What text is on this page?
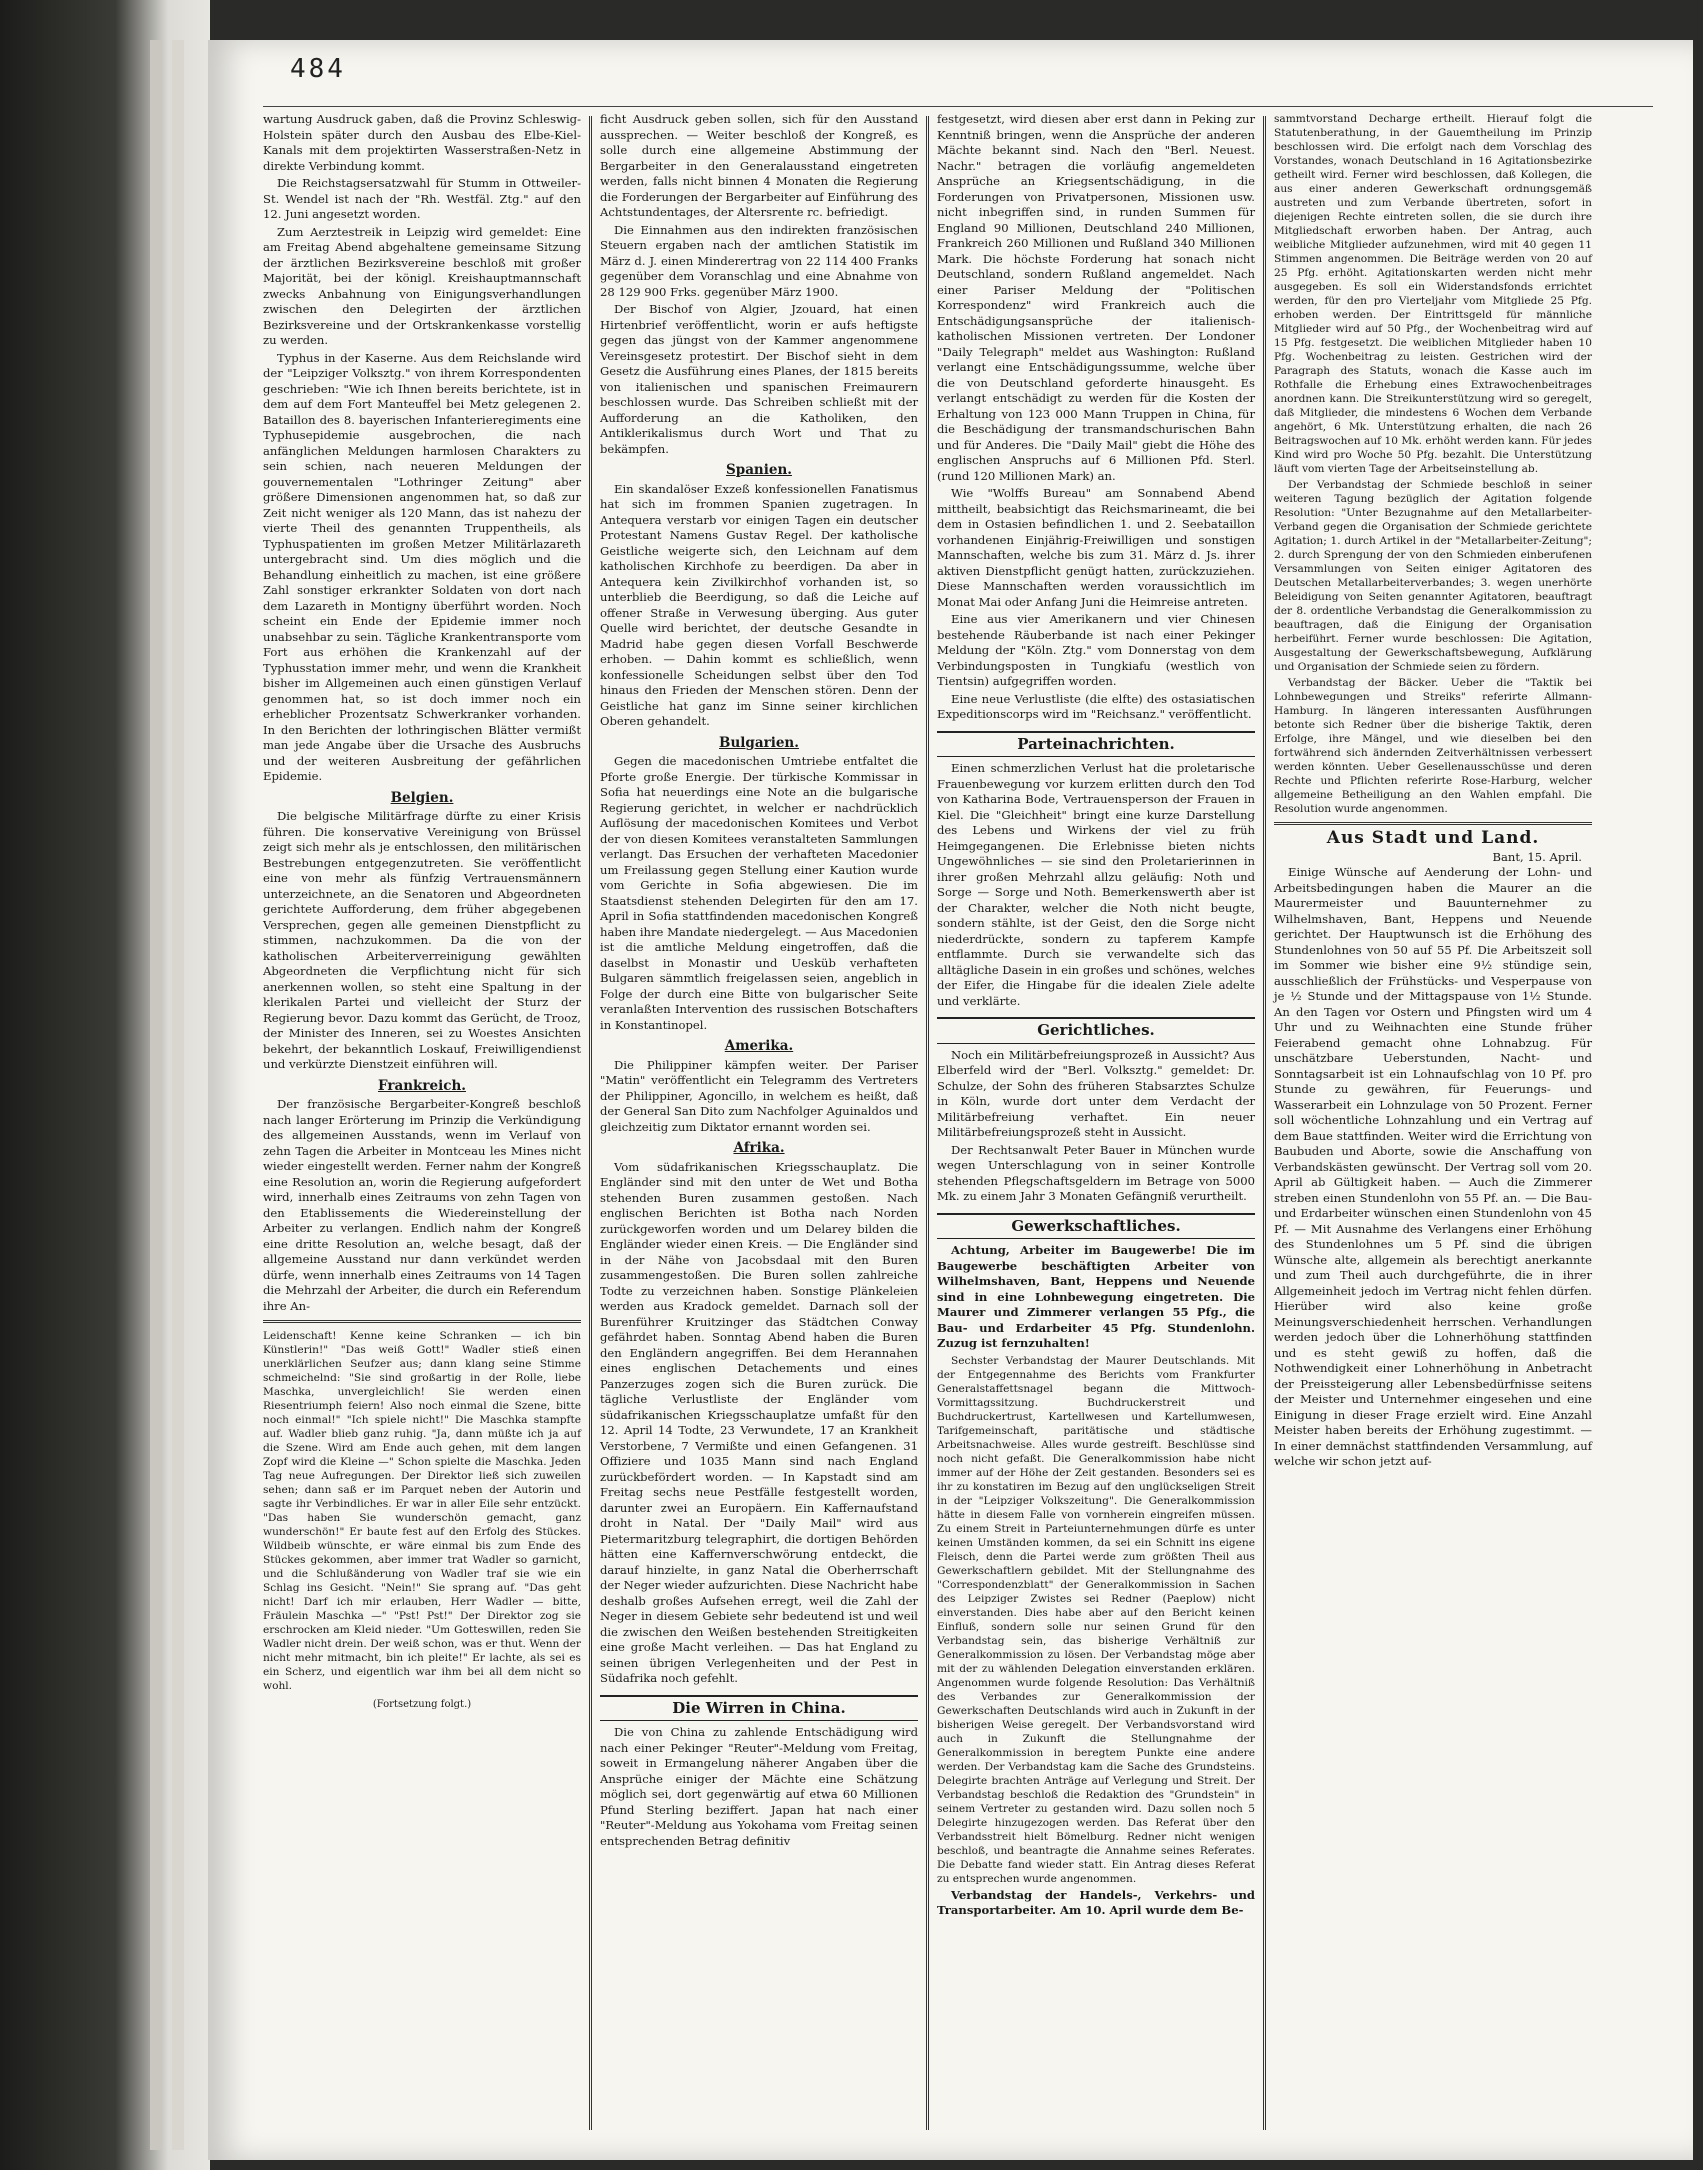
484

wartung Ausdruck gaben, daß die Provinz Schleswig-Holstein später durch den Ausbau des Elbe-Kiel-Kanals mit dem projektirten Wasserstraßen-Netz in direkte Verbindung kommt.

Die Reichstagsersatzwahl für Stumm in Ottweiler-St. Wendel ist nach der "Rh. Westfäl. Ztg." auf den 12. Juni angesetzt worden.

Zum Aerztestreik in Leipzig wird gemeldet: Eine am Freitag Abend abgehaltene gemeinsame Sitzung der ärztlichen Bezirksvereine beschloß mit großer Majorität, bei der königl. Kreishauptmannschaft zwecks Anbahnung von Einigungsverhandlungen zwischen den Delegirten der ärztlichen Bezirksvereine und der Ortskrankenkasse vorstellig zu werden.

Typhus in der Kaserne. Aus dem Reichslande wird der "Leipziger Volksztg." von ihrem Korrespondenten geschrieben: "Wie ich Ihnen bereits berichtete, ist in dem auf dem Fort Manteuffel bei Metz gelegenen 2. Bataillon des 8. bayerischen Infanterieregiments eine Typhusepidemie ausgebrochen, die nach anfänglichen Meldungen harmlosen Charakters zu sein schien, nach neueren Meldungen der gouvernementalen "Lothringer Zeitung" aber größere Dimensionen angenommen hat, so daß zur Zeit nicht weniger als 120 Mann, das ist nahezu der vierte Theil des genannten Truppentheils, als Typhuspatienten im großen Metzer Militärlazareth untergebracht sind. Um dies möglich und die Behandlung einheitlich zu machen, ist eine größere Zahl sonstiger erkrankter Soldaten von dort nach dem Lazareth in Montigny überführt worden. Noch scheint ein Ende der Epidemie immer noch unabsehbar zu sein. Tägliche Krankentransporte vom Fort aus erhöhen die Krankenzahl auf der Typhusstation immer mehr, und wenn die Krankheit bisher im Allgemeinen auch einen günstigen Verlauf genommen hat, so ist doch immer noch ein erheblicher Prozentsatz Schwerkranker vorhanden. In den Berichten der lothringischen Blätter vermißt man jede Angabe über die Ursache des Ausbruchs und der weiteren Ausbreitung der gefährlichen Epidemie.

Belgien.

Die belgische Militärfrage dürfte zu einer Krisis führen. Die konservative Vereinigung von Brüssel zeigt sich mehr als je entschlossen, den militärischen Bestrebungen entgegenzutreten. Sie veröffentlicht eine von mehr als fünfzig Vertrauensmännern unterzeichnete, an die Senatoren und Abgeordneten gerichtete Aufforderung, dem früher abgegebenen Versprechen, gegen alle gemeinen Dienstpflicht zu stimmen, nachzukommen. Da die von der katholischen Arbeiterverreinigung gewählten Abgeordneten die Verpflichtung nicht für sich anerkennen wollen, so steht eine Spaltung in der klerikalen Partei und vielleicht der Sturz der Regierung bevor. Dazu kommt das Gerücht, de Trooz, der Minister des Inneren, sei zu Woestes Ansichten bekehrt, der bekanntlich Loskauf, Freiwilligendienst und verkürzte Dienstzeit einführen will.

Frankreich.

Der französische Bergarbeiter-Kongreß beschloß nach langer Erörterung im Prinzip die Verkündigung des allgemeinen Ausstands, wenn im Verlauf von zehn Tagen die Arbeiter in Montceau les Mines nicht wieder eingestellt werden. Ferner nahm der Kongreß eine Resolution an, worin die Regierung aufgefordert wird, innerhalb eines Zeitraums von zehn Tagen von den Etablissements die Wiedereinstellung der Arbeiter zu verlangen. Endlich nahm der Kongreß eine dritte Resolution an, welche besagt, daß der allgemeine Ausstand nur dann verkündet werden dürfe, wenn innerhalb eines Zeitraums von 14 Tagen die Mehrzahl der Arbeiter, die durch ein Referendum ihre An-

Leidenschaft! Kenne keine Schranken — ich bin Künstlerin!" "Das weiß Gott!" Wadler stieß einen unerklärlichen Seufzer aus; dann klang seine Stimme schmeichelnd: "Sie sind großartig in der Rolle, liebe Maschka, unvergleichlich! Sie werden einen Riesentriumph feiern! Also noch einmal die Szene, bitte noch einmal!" "Ich spiele nicht!" Die Maschka stampfte auf. Wadler blieb ganz ruhig. "Ja, dann müßte ich ja auf die Szene. Wird am Ende auch gehen, mit dem langen Zopf wird die Kleine —" Schon spielte die Maschka. Jeden Tag neue Aufregungen. Der Direktor ließ sich zuweilen sehen; dann saß er im Parquet neben der Autorin und sagte ihr Verbindliches. Er war in aller Eile sehr entzückt. "Das haben Sie wunderschön gemacht, ganz wunderschön!" Er baute fest auf den Erfolg des Stückes. Wildbeib wünschte, er wäre einmal bis zum Ende des Stückes gekommen, aber immer trat Wadler so garnicht, und die Schlußänderung von Wadler traf sie wie ein Schlag ins Gesicht. "Nein!" Sie sprang auf. "Das geht nicht! Darf ich mir erlauben, Herr Wadler — bitte, Fräulein Maschka —" "Pst! Pst!" Der Direktor zog sie erschrocken am Kleid nieder. "Um Gotteswillen, reden Sie Wadler nicht drein. Der weiß schon, was er thut. Wenn der nicht mehr mitmacht, bin ich pleite!" Er lachte, als sei es ein Scherz, und eigentlich war ihm bei all dem nicht so wohl.

(Fortsetzung folgt.)

ficht Ausdruck geben sollen, sich für den Ausstand aussprechen. — Weiter beschloß der Kongreß, es solle durch eine allgemeine Abstimmung der Bergarbeiter in den Generalausstand eingetreten werden, falls nicht binnen 4 Monaten die Regierung die Forderungen der Bergarbeiter auf Einführung des Achtstundentages, der Altersrente rc. befriedigt.

Die Einnahmen aus den indirekten französischen Steuern ergaben nach der amtlichen Statistik im März d. J. einen Minderertrag von 22 114 400 Franks gegenüber dem Voranschlag und eine Abnahme von 28 129 900 Frks. gegenüber März 1900.

Der Bischof von Algier, Jzouard, hat einen Hirtenbrief veröffentlicht, worin er aufs heftigste gegen das jüngst von der Kammer angenommene Vereinsgesetz protestirt. Der Bischof sieht in dem Gesetz die Ausführung eines Planes, der 1815 bereits von italienischen und spanischen Freimaurern beschlossen wurde. Das Schreiben schließt mit der Aufforderung an die Katholiken, den Antiklerikalismus durch Wort und That zu bekämpfen.

Spanien.

Ein skandalöser Exzeß konfessionellen Fanatismus hat sich im frommen Spanien zugetragen. In Antequera verstarb vor einigen Tagen ein deutscher Protestant Namens Gustav Regel. Der katholische Geistliche weigerte sich, den Leichnam auf dem katholischen Kirchhofe zu beerdigen. Da aber in Antequera kein Zivilkirchhof vorhanden ist, so unterblieb die Beerdigung, so daß die Leiche auf offener Straße in Verwesung überging. Aus guter Quelle wird berichtet, der deutsche Gesandte in Madrid habe gegen diesen Vorfall Beschwerde erhoben. — Dahin kommt es schließlich, wenn konfessionelle Scheidungen selbst über den Tod hinaus den Frieden der Menschen stören. Denn der Geistliche hat ganz im Sinne seiner kirchlichen Oberen gehandelt.

Bulgarien.

Gegen die macedonischen Umtriebe entfaltet die Pforte große Energie. Der türkische Kommissar in Sofia hat neuerdings eine Note an die bulgarische Regierung gerichtet, in welcher er nachdrücklich Auflösung der macedonischen Komitees und Verbot der von diesen Komitees veranstalteten Sammlungen verlangt. Das Ersuchen der verhafteten Macedonier um Freilassung gegen Stellung einer Kaution wurde vom Gerichte in Sofia abgewiesen. Die im Staatsdienst stehenden Delegirten für den am 17. April in Sofia stattfindenden macedonischen Kongreß haben ihre Mandate niedergelegt. — Aus Macedonien ist die amtliche Meldung eingetroffen, daß die daselbst in Monastir und Uesküb verhafteten Bulgaren sämmtlich freigelassen seien, angeblich in Folge der durch eine Bitte von bulgarischer Seite veranlaßten Intervention des russischen Botschafters in Konstantinopel.

Amerika.

Die Philippiner kämpfen weiter. Der Pariser "Matin" veröffentlicht ein Telegramm des Vertreters der Philippiner, Agoncillo, in welchem es heißt, daß der General San Dito zum Nachfolger Aguinaldos und gleichzeitig zum Diktator ernannt worden sei.

Afrika.

Vom südafrikanischen Kriegsschauplatz. Die Engländer sind mit den unter de Wet und Botha stehenden Buren zusammen gestoßen. Nach englischen Berichten ist Botha nach Norden zurückgeworfen worden und um Delarey bilden die Engländer wieder einen Kreis. — Die Engländer sind in der Nähe von Jacobsdaal mit den Buren zusammengestoßen. Die Buren sollen zahlreiche Todte zu verzeichnen haben. Sonstige Plänkeleien werden aus Kradock gemeldet. Darnach soll der Burenführer Kruitzinger das Städtchen Conway gefährdet haben. Sonntag Abend haben die Buren den Engländern angegriffen. Bei dem Herannahen eines englischen Detachements und eines Panzerzuges zogen sich die Buren zurück. Die tägliche Verlustliste der Engländer vom südafrikanischen Kriegsschauplatze umfaßt für den 12. April 14 Todte, 23 Verwundete, 17 an Krankheit Verstorbene, 7 Vermißte und einen Gefangenen. 31 Offiziere und 1035 Mann sind nach England zurückbefördert worden. — In Kapstadt sind am Freitag sechs neue Pestfälle festgestellt worden, darunter zwei an Europäern. Ein Kaffernaufstand droht in Natal. Der "Daily Mail" wird aus Pietermaritzburg telegraphirt, die dortigen Behörden hätten eine Kaffernverschwörung entdeckt, die darauf hinzielte, in ganz Natal die Oberherrschaft der Neger wieder aufzurichten. Diese Nachricht habe deshalb großes Aufsehen erregt, weil die Zahl der Neger in diesem Gebiete sehr bedeutend ist und weil die zwischen den Weißen bestehenden Streitigkeiten eine große Macht verleihen. — Das hat England zu seinen übrigen Verlegenheiten und der Pest in Südafrika noch gefehlt.

Die Wirren in China.

Die von China zu zahlende Entschädigung wird nach einer Pekinger "Reuter"-Meldung vom Freitag, soweit in Ermangelung näherer Angaben über die Ansprüche einiger der Mächte eine Schätzung möglich sei, dort gegenwärtig auf etwa 60 Millionen Pfund Sterling beziffert. Japan hat nach einer "Reuter"-Meldung aus Yokohama vom Freitag seinen entsprechenden Betrag definitiv

festgesetzt, wird diesen aber erst dann in Peking zur Kenntniß bringen, wenn die Ansprüche der anderen Mächte bekannt sind. Nach den "Berl. Neuest. Nachr." betragen die vorläufig angemeldeten Ansprüche an Kriegsentschädigung, in die Forderungen von Privatpersonen, Missionen usw. nicht inbegriffen sind, in runden Summen für England 90 Millionen, Deutschland 240 Millionen, Frankreich 260 Millionen und Rußland 340 Millionen Mark. Die höchste Forderung hat sonach nicht Deutschland, sondern Rußland angemeldet. Nach einer Pariser Meldung der "Politischen Korrespondenz" wird Frankreich auch die Entschädigungsansprüche der italienisch-katholischen Missionen vertreten. Der Londoner "Daily Telegraph" meldet aus Washington: Rußland verlangt eine Entschädigungssumme, welche über die von Deutschland geforderte hinausgeht. Es verlangt entschädigt zu werden für die Kosten der Erhaltung von 123 000 Mann Truppen in China, für die Beschädigung der transmandschurischen Bahn und für Anderes. Die "Daily Mail" giebt die Höhe des englischen Anspruchs auf 6 Millionen Pfd. Sterl. (rund 120 Millionen Mark) an.

Wie "Wolffs Bureau" am Sonnabend Abend mittheilt, beabsichtigt das Reichsmarineamt, die bei dem in Ostasien befindlichen 1. und 2. Seebataillon vorhandenen Einjährig-Freiwilligen und sonstigen Mannschaften, welche bis zum 31. März d. Js. ihrer aktiven Dienstpflicht genügt hatten, zurückzuziehen. Diese Mannschaften werden voraussichtlich im Monat Mai oder Anfang Juni die Heimreise antreten.

Eine aus vier Amerikanern und vier Chinesen bestehende Räuberbande ist nach einer Pekinger Meldung der "Köln. Ztg." vom Donnerstag von dem Verbindungsposten in Tungkiafu (westlich von Tientsin) aufgegriffen worden.

Eine neue Verlustliste (die elfte) des ostasiatischen Expeditionscorps wird im "Reichsanz." veröffentlicht.

Parteinachrichten.

Einen schmerzlichen Verlust hat die proletarische Frauenbewegung vor kurzem erlitten durch den Tod von Katharina Bode, Vertrauensperson der Frauen in Kiel. Die "Gleichheit" bringt eine kurze Darstellung des Lebens und Wirkens der viel zu früh Heimgegangenen. Die Erlebnisse bieten nichts Ungewöhnliches — sie sind den Proletarierinnen in ihrer großen Mehrzahl allzu geläufig: Noth und Sorge — Sorge und Noth. Bemerkenswerth aber ist der Charakter, welcher die Noth nicht beugte, sondern stählte, ist der Geist, den die Sorge nicht niederdrückte, sondern zu tapferem Kampfe entflammte. Durch sie verwandelte sich das alltägliche Dasein in ein großes und schönes, welches der Eifer, die Hingabe für die idealen Ziele adelte und verklärte.

Gerichtliches.

Noch ein Militärbefreiungsprozeß in Aussicht? Aus Elberfeld wird der "Berl. Volksztg." gemeldet: Dr. Schulze, der Sohn des früheren Stabsarztes Schulze in Köln, wurde dort unter dem Verdacht der Militärbefreiung verhaftet. Ein neuer Militärbefreiungsprozeß steht in Aussicht.

Der Rechtsanwalt Peter Bauer in München wurde wegen Unterschlagung von in seiner Kontrolle stehenden Pflegschaftsgeldern im Betrage von 5000 Mk. zu einem Jahr 3 Monaten Gefängniß verurtheilt.

Gewerkschaftliches.

Achtung, Arbeiter im Baugewerbe! Die im Baugewerbe beschäftigten Arbeiter von Wilhelmshaven, Bant, Heppens und Neuende sind in eine Lohnbewegung eingetreten. Die Maurer und Zimmerer verlangen 55 Pfg., die Bau- und Erdarbeiter 45 Pfg. Stundenlohn. Zuzug ist fernzuhalten!

Sechster Verbandstag der Maurer Deutschlands. Mit der Entgegennahme des Berichts vom Frankfurter Generalstaffettsnagel begann die Mittwoch-Vormittagssitzung. Buchdruckerstreit und Buchdruckertrust, Kartellwesen und Kartellumwesen, Tarifgemeinschaft, paritätische und städtische Arbeitsnachweise. Alles wurde gestreift. Beschlüsse sind noch nicht gefaßt. Die Generalkommission habe nicht immer auf der Höhe der Zeit gestanden. Besonders sei es ihr zu konstatiren im Bezug auf den unglückseligen Streit in der "Leipziger Volkszeitung". Die Generalkommission hätte in diesem Falle von vornherein eingreifen müssen. Zu einem Streit in Parteiunternehmungen dürfe es unter keinen Umständen kommen, da sei ein Schnitt ins eigene Fleisch, denn die Partei werde zum größten Theil aus Gewerkschaftlern gebildet. Mit der Stellungnahme des "Correspondenzblatt" der Generalkommission in Sachen des Leipziger Zwistes sei Redner (Paeplow) nicht einverstanden. Dies habe aber auf den Bericht keinen Einfluß, sondern solle nur seinen Grund für den Verbandstag sein, das bisherige Verhältniß zur Generalkommission zu lösen. Der Verbandstag möge aber mit der zu wählenden Delegation einverstanden erklären. Angenommen wurde folgende Resolution: Das Verhältniß des Verbandes zur Generalkommission der Gewerkschaften Deutschlands wird auch in Zukunft in der bisherigen Weise geregelt. Der Verbandsvorstand wird auch in Zukunft die Stellungnahme der Generalkommission in beregtem Punkte eine andere werden. Der Verbandstag kam die Sache des Grundsteins. Delegirte brachten Anträge auf Verlegung und Streit. Der Verbandstag beschloß die Redaktion des "Grundstein" in seinem Vertreter zu gestanden wird. Dazu sollen noch 5 Delegirte hinzugezogen werden. Das Referat über den Verbandsstreit hielt Bömelburg. Redner nicht wenigen beschloß, und beantragte die Annahme seines Referates. Die Debatte fand wieder statt. Ein Antrag dieses Referat zu entsprechen wurde angenommen.

Verbandstag der Handels-, Verkehrs- und Transportarbeiter. Am 10. April wurde dem Be-

sammtvorstand Decharge ertheilt. Hierauf folgt die Statutenberathung, in der Gauemtheilung im Prinzip beschlossen wird. Die erfolgt nach dem Vorschlag des Vorstandes, wonach Deutschland in 16 Agitationsbezirke getheilt wird. Ferner wird beschlossen, daß Kollegen, die aus einer anderen Gewerkschaft ordnungsgemäß austreten und zum Verbande übertreten, sofort in diejenigen Rechte eintreten sollen, die sie durch ihre Mitgliedschaft erworben haben. Der Antrag, auch weibliche Mitglieder aufzunehmen, wird mit 40 gegen 11 Stimmen angenommen. Die Beiträge werden von 20 auf 25 Pfg. erhöht. Agitationskarten werden nicht mehr ausgegeben. Es soll ein Widerstandsfonds errichtet werden, für den pro Vierteljahr vom Mitgliede 25 Pfg. erhoben werden. Der Eintrittsgeld für männliche Mitglieder wird auf 50 Pfg., der Wochenbeitrag wird auf 15 Pfg. festgesetzt. Die weiblichen Mitglieder haben 10 Pfg. Wochenbeitrag zu leisten. Gestrichen wird der Paragraph des Statuts, wonach die Kasse auch im Rothfalle die Erhebung eines Extrawochenbeitrages anordnen kann. Die Streikunterstützung wird so geregelt, daß Mitglieder, die mindestens 6 Wochen dem Verbande angehört, 6 Mk. Unterstützung erhalten, die nach 26 Beitragswochen auf 10 Mk. erhöht werden kann. Für jedes Kind wird pro Woche 50 Pfg. bezahlt. Die Unterstützung läuft vom vierten Tage der Arbeitseinstellung ab.

Der Verbandstag der Schmiede beschloß in seiner weiteren Tagung bezüglich der Agitation folgende Resolution: "Unter Bezugnahme auf den Metallarbeiter-Verband gegen die Organisation der Schmiede gerichtete Agitation; 1. durch Artikel in der "Metallarbeiter-Zeitung"; 2. durch Sprengung der von den Schmieden einberufenen Versammlungen von Seiten einiger Agitatoren des Deutschen Metallarbeiterverbandes; 3. wegen unerhörte Beleidigung von Seiten genannter Agitatoren, beauftragt der 8. ordentliche Verbandstag die Generalkommission zu beauftragen, daß die Einigung der Organisation herbeiführt. Ferner wurde beschlossen: Die Agitation, Ausgestaltung der Gewerkschaftsbewegung, Aufklärung und Organisation der Schmiede seien zu fördern.

Verbandstag der Bäcker. Ueber die "Taktik bei Lohnbewegungen und Streiks" referirte Allmann-Hamburg. In längeren interessanten Ausführungen betonte sich Redner über die bisherige Taktik, deren Erfolge, ihre Mängel, und wie dieselben bei den fortwährend sich ändernden Zeitverhältnissen verbessert werden könnten. Ueber Gesellenausschüsse und deren Rechte und Pflichten referirte Rose-Harburg, welcher allgemeine Betheiligung an den Wahlen empfahl. Die Resolution wurde angenommen.

Aus Stadt und Land.
Bant, 15. April.

Einige Wünsche auf Aenderung der Lohn- und Arbeitsbedingungen haben die Maurer an die Maurermeister und Bauunternehmer zu Wilhelmshaven, Bant, Heppens und Neuende gerichtet. Der Hauptwunsch ist die Erhöhung des Stundenlohnes von 50 auf 55 Pf. Die Arbeitszeit soll im Sommer wie bisher eine 9½ stündige sein, ausschließlich der Frühstücks- und Vesperpause von je ½ Stunde und der Mittagspause von 1½ Stunde. An den Tagen vor Ostern und Pfingsten wird um 4 Uhr und zu Weihnachten eine Stunde früher Feierabend gemacht ohne Lohnabzug. Für unschätzbare Ueberstunden, Nacht- und Sonntagsarbeit ist ein Lohnaufschlag von 10 Pf. pro Stunde zu gewähren, für Feuerungs- und Wasserarbeit ein Lohnzulage von 50 Prozent. Ferner soll wöchentliche Lohnzahlung und ein Vertrag auf dem Baue stattfinden. Weiter wird die Errichtung von Baubuden und Aborte, sowie die Anschaffung von Verbandskästen gewünscht. Der Vertrag soll vom 20. April ab Gültigkeit haben. — Auch die Zimmerer streben einen Stundenlohn von 55 Pf. an. — Die Bau- und Erdarbeiter wünschen einen Stundenlohn von 45 Pf. — Mit Ausnahme des Verlangens einer Erhöhung des Stundenlohnes um 5 Pf. sind die übrigen Wünsche alte, allgemein als berechtigt anerkannte und zum Theil auch durchgeführte, die in ihrer Allgemeinheit jedoch im Vertrag nicht fehlen dürfen. Hierüber wird also keine große Meinungsverschiedenheit herrschen. Verhandlungen werden jedoch über die Lohnerhöhung stattfinden und es steht gewiß zu hoffen, daß die Nothwendigkeit einer Lohnerhöhung in Anbetracht der Preissteigerung aller Lebensbedürfnisse seitens der Meister und Unternehmer eingesehen und eine Einigung in dieser Frage erzielt wird. Eine Anzahl Meister haben bereits der Erhöhung zugestimmt. — In einer demnächst stattfindenden Versammlung, auf welche wir schon jetzt auf-
